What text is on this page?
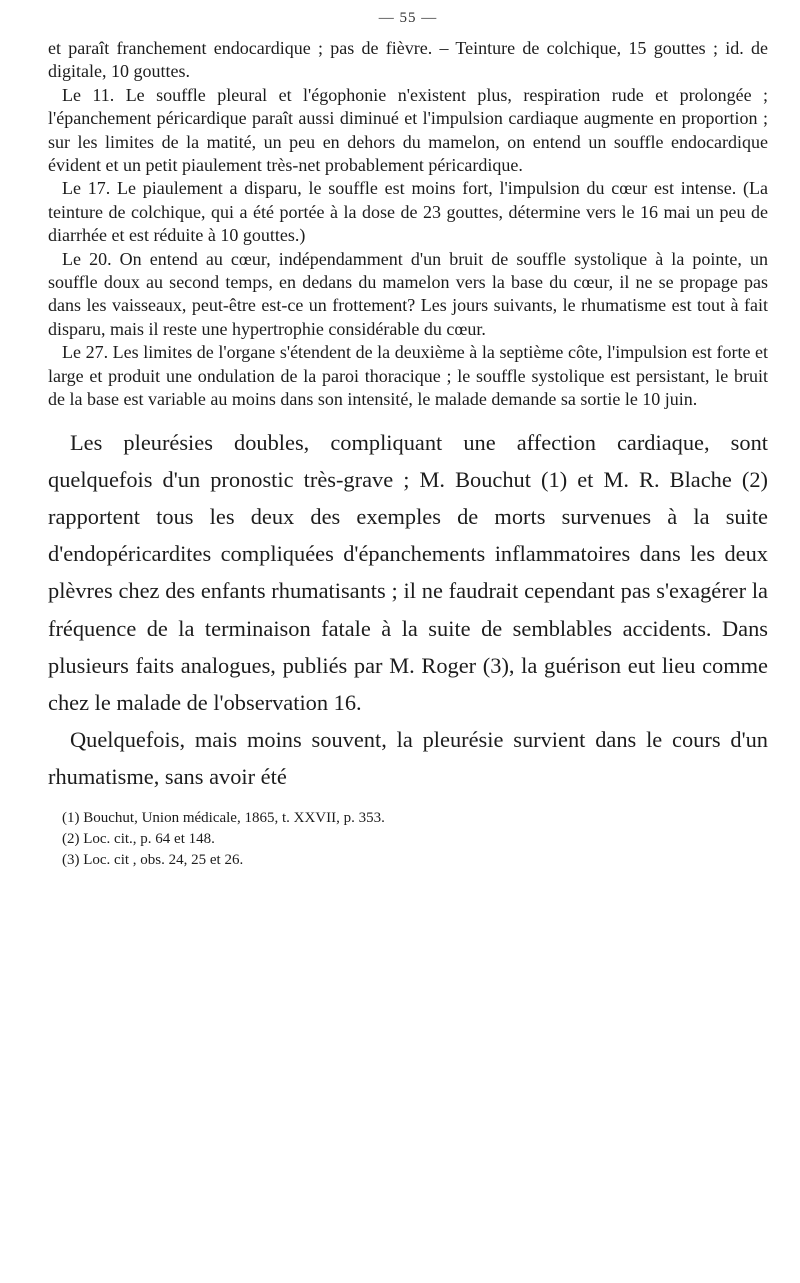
— 55 —

et paraît franchement endocardique ; pas de fièvre. – Teinture de colchique, 15 gouttes ; id. de digitale, 10 gouttes.

Le 11. Le souffle pleural et l'égophonie n'existent plus, respiration rude et prolongée ; l'épanchement péricardique paraît aussi diminué et l'impulsion cardiaque augmente en proportion ; sur les limites de la matité, un peu en dehors du mamelon, on entend un souffle endocardique évident et un petit piaulement très-net probablement péricardique.

Le 17. Le piaulement a disparu, le souffle est moins fort, l'impulsion du cœur est intense. (La teinture de colchique, qui a été portée à la dose de 23 gouttes, détermine vers le 16 mai un peu de diarrhée et est réduite à 10 gouttes.)

Le 20. On entend au cœur, indépendamment d'un bruit de souffle systolique à la pointe, un souffle doux au second temps, en dedans du mamelon vers la base du cœur, il ne se propage pas dans les vaisseaux, peut-être est-ce un frottement? Les jours suivants, le rhumatisme est tout à fait disparu, mais il reste une hypertrophie considérable du cœur.

Le 27. Les limites de l'organe s'étendent de la deuxième à la septième côte, l'impulsion est forte et large et produit une ondulation de la paroi thoracique ; le souffle systolique est persistant, le bruit de la base est variable au moins dans son intensité, le malade demande sa sortie le 10 juin.

Les pleurésies doubles, compliquant une affection cardiaque, sont quelquefois d'un pronostic très-grave ; M. Bouchut (1) et M. R. Blache (2) rapportent tous les deux des exemples de morts survenues à la suite d'endopéricardites compliquées d'épanchements inflammatoires dans les deux plèvres chez des enfants rhumatisants ; il ne faudrait cependant pas s'exagérer la fréquence de la terminaison fatale à la suite de semblables accidents. Dans plusieurs faits analogues, publiés par M. Roger (3), la guérison eut lieu comme chez le malade de l'observation 16.

Quelquefois, mais moins souvent, la pleurésie survient dans le cours d'un rhumatisme, sans avoir été

(1) Bouchut, Union médicale, 1865, t. XXVII, p. 353.

(2) Loc. cit., p. 64 et 148.

(3) Loc. cit , obs. 24, 25 et 26.
